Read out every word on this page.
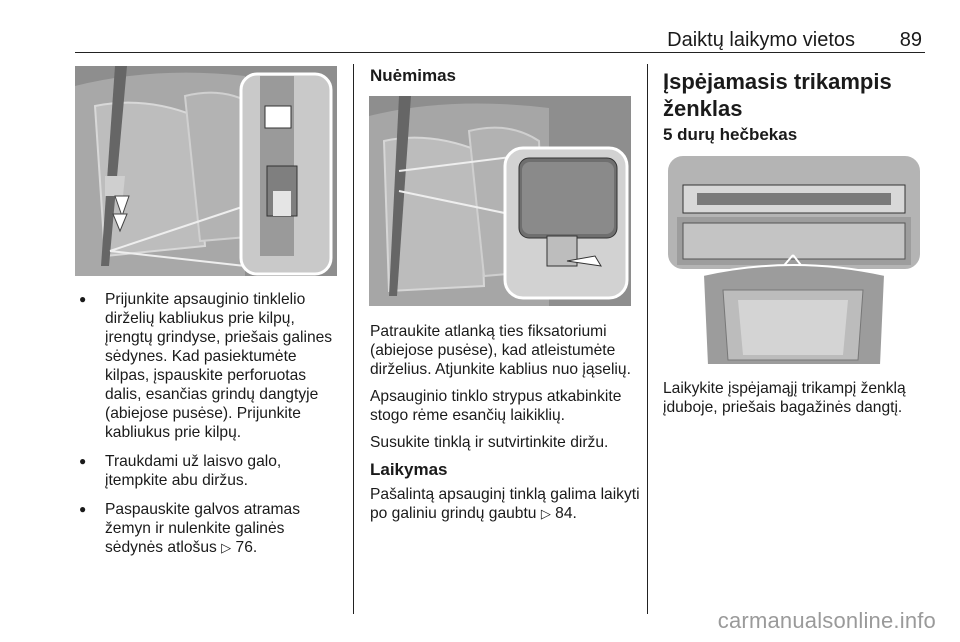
Daiktų laikymo vietos 89
● Prijunkite apsauginio tinklelio dirželių kabliukus prie kilpų, įrengtų grindyse, priešais galines sėdynes. Kad pasiektumėte kilpas, įspauskite perforuotas dalis, esančias grindų dangtyje (abiejose pusėse). Prijunkite kabliukus prie kilpų.
● Traukdami už laisvo galo, įtempkite abu diržus.
● Paspauskite galvos atramas žemyn ir nulenkite galinės sėdynės atlošus ▷ 76.
Nuėmimas

Patraukite atlanką ties fiksatoriumi (abiejose pusėse), kad atleistumėte dirželius. Atjunkite kablius nuo įąselių.

Apsauginio tinklo strypus atkabinkite stogo rėme esančių laikiklių.

Susukite tinklą ir sutvirtinkite diržu.

Laikymas

Pašalintą apsauginį tinklą galima laikyti po galiniu grindų gaubtu ▷ 84.

Įspėjamasis trikampis ženklas
5 durų hečbekas

Laikykite įspėjamąjį trikampį ženklą įduboje, priešais bagažinės dangtį.

carmanualsonline.info
